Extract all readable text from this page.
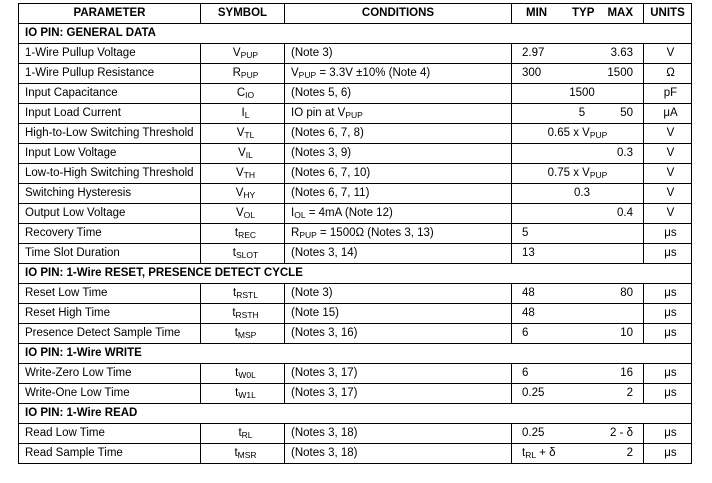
PARAMETER	SYMBOL	CONDITIONS	MIN TYP MAX	UNITS
IO PIN: GENERAL DATA				
1-Wire Pullup Voltage	$V_{PUP}$	(Note 3)	2.97 3.63	V
1-Wire Pullup Resistance	$R_{PUP}$	$V_{PUP} = 3.3V \pm 10\%$ (Note 4)	300 1500	Ω
Input Capacitance	$C_{IO}$	(Notes 5, 6)	1500	pF
Input Load Current	$I_L$	IO pin at $V_{PUP}$	5 50	μA
High-to-Low Switching Threshold	$V_{TL}$	(Notes 6, 7, 8)	0.65 x $V_{PUP}$	V
Input Low Voltage	$V_{IL}$	(Notes 3, 9)	0.3	V
Low-to-High Switching Threshold	$V_{TH}$	(Notes 6, 7, 10)	0.75 x $V_{PUP}$	V
Switching Hysteresis	$V_{HY}$	(Notes 6, 7, 11)	0.3	V
Output Low Voltage	$V_{OL}$	$I_{OL} = 4mA$ (Note 12)	0.4	V
Recovery Time	$t_{REC}$	$R_{PUP} = 1500\Omega$ (Notes 3, 13)	5	μs
Time Slot Duration	$t_{SLOT}$	(Notes 3, 14)	13	μs
IO PIN: 1-Wire RESET, PRESENCE DETECT CYCLE				
Reset Low Time	$t_{RSTL}$	(Note 3)	48 80	μs
Reset High Time	$t_{RSTH}$	(Note 15)	48	μs
Presence Detect Sample Time	$t_{MSP}$	(Notes 3, 16)	6 10	μs
IO PIN: 1-Wire WRITE				
Write-Zero Low Time	$t_{W0L}$	(Notes 3, 17)	6 16	μs
Write-One Low Time	$t_{W1L}$	(Notes 3, 17)	0.25 2	μs
IO PIN: 1-Wire READ				
Read Low Time	$t_{RL}$	(Notes 3, 18)	0.25 2 - δ	μs
Read Sample Time	$t_{MSR}$	(Notes 3, 18)	$t_{RL} + \delta$ 2	μs
